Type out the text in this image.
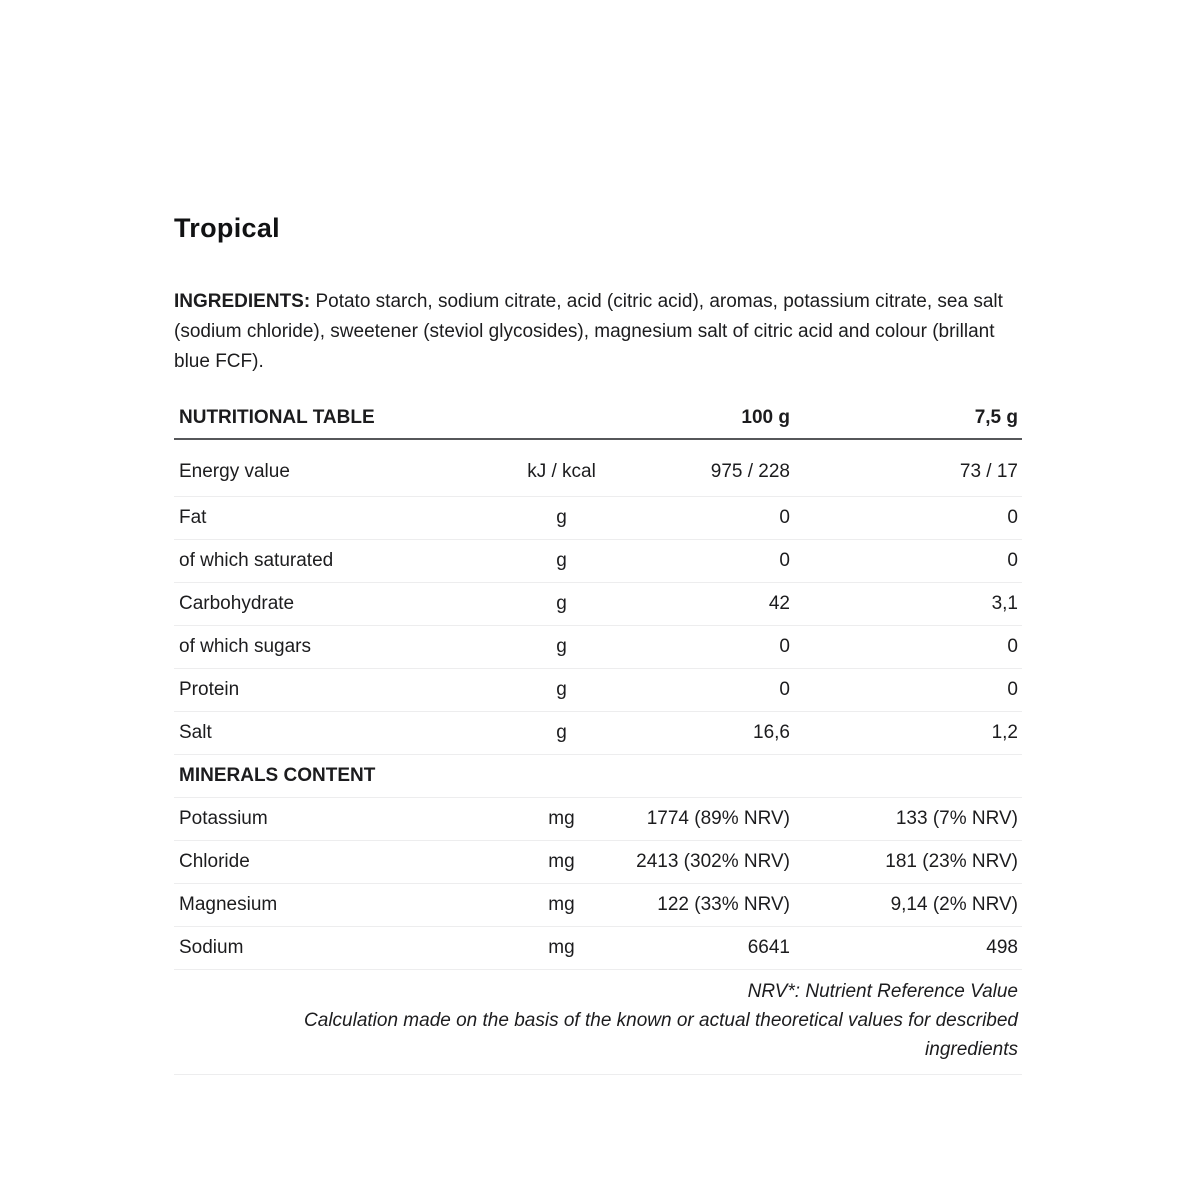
Tropical

INGREDIENTS: Potato starch, sodium citrate, acid (citric acid), aromas, potassium citrate, sea salt (sodium chloride), sweetener (steviol glycosides), magnesium salt of citric acid and colour (brillant blue FCF).

NUTRITIONAL TABLE		100 g	7,5 g
Energy value	kJ / kcal	975 / 228	73 / 17
Fat	g	0	0
of which saturated	g	0	0
Carbohydrate	g	42	3,1
of which sugars	g	0	0
Protein	g	0	0
Salt	g	16,6	1,2
MINERALS CONTENT			
Potassium	mg	1774 (89% NRV)	133 (7% NRV)
Chloride	mg	2413 (302% NRV)	181 (23% NRV)
Magnesium	mg	122 (33% NRV)	9,14 (2% NRV)
Sodium	mg	6641	498

NRV*: Nutrient Reference Value
Calculation made on the basis of the known or actual theoretical values for described
ingredients			
